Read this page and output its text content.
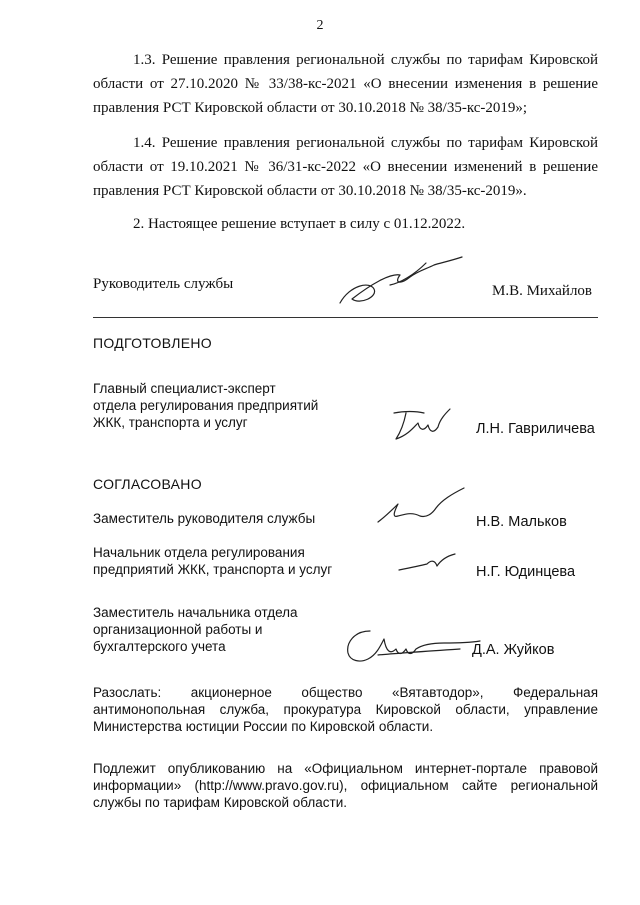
2

1.3. Решение правления региональной службы по тарифам Кировской области от 27.10.2020 № 33/38-кс-2021 «О внесении изменения в решение правления РСТ Кировской области от 30.10.2018 № 38/35-кс-2019»;

1.4. Решение правления региональной службы по тарифам Кировской области от 19.10.2021 № 36/31-кс-2022 «О внесении изменений в решение правления РСТ Кировской области от 30.10.2018 № 38/35-кс-2019».

2. Настоящее решение вступает в силу с 01.12.2022.

Руководитель службы	М.В. Михайлов
ПОДГОТОВЛЕНО
Главный специалист-эксперт
отдела регулирования предприятий
ЖКК, транспорта и услуг	Л.Н. Гавриличева
СОГЛАСОВАНО
Заместитель руководителя службы	Н.В. Мальков
Начальник отдела регулирования
предприятий ЖКК, транспорта и услуг	Н.Г. Юдинцева
Заместитель начальника отдела
организационной работы и
бухгалтерского учета	Д.А. Жуйков
Разослать: акционерное общество «Вятавтодор», Федеральная
антимонопольная служба, прокуратура Кировской области, управление Министерства юстиции России по Кировской области.
Подлежит опубликованию на «Официальном интернет-портале правовой информации» (http://www.pravo.gov.ru), официальном сайте региональной службы по тарифам Кировской области.
